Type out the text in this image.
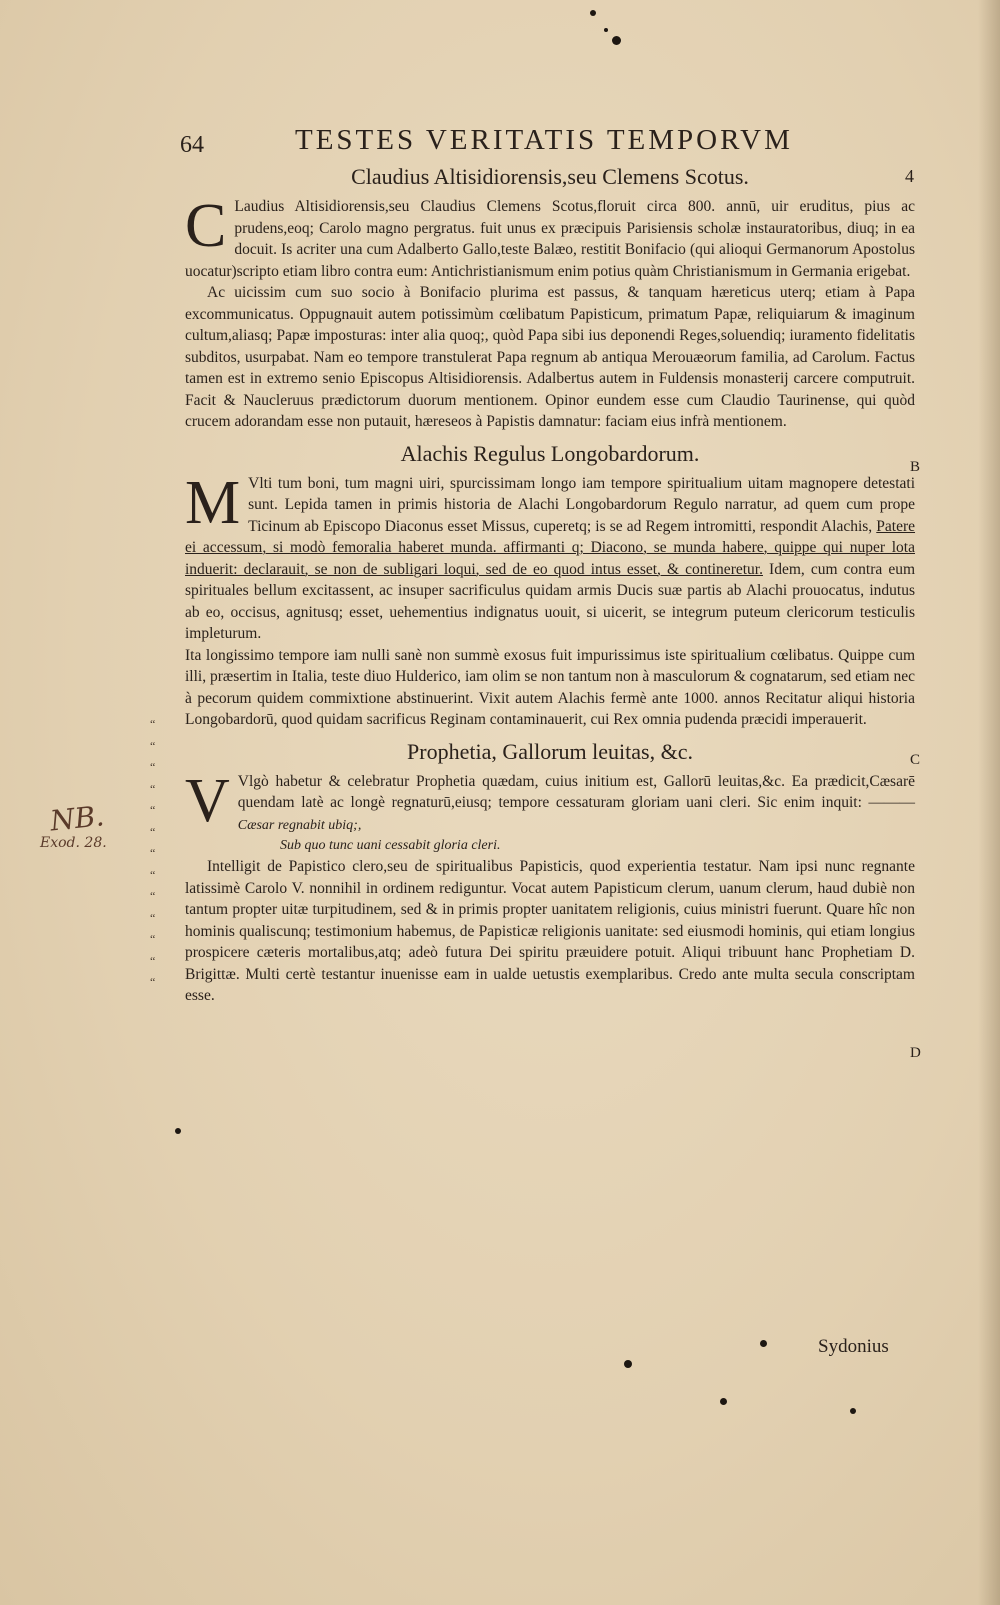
64	TESTES VERITATIS TEMPORVM
4
Claudius Altisidiorensis,seu Clemens Scotus.

C Laudius Altisidiorensis,seu Claudius Clemens Scotus,floruit circa 800. annū, uir eruditus, pius ac prudens,eoq; Carolo magno pergratus. fuit unus ex præcipuis Parisiensis scholæ instauratoribus, diuq; in ea docuit. Is acriter una cum Adalberto Gallo,teste Balæo, restitit Bonifacio (qui alioqui Germanorum Apostolus uocatur)scripto etiam libro contra eum: Antichristianismum enim potius quàm Christianismum in Germania erigebat.

Ac uicissim cum suo socio à Bonifacio plurima est passus, & tanquam hæreticus uterq; etiam à Papa excommunicatus. Oppugnauit autem potissimùm cœlibatum Papisticum, primatum Papæ, reliquiarum & imaginum cultum,aliasq; Papæ imposturas: inter alia quoq;, quòd Papa sibi ius deponendi Reges,soluendiq; iuramento fidelitatis subditos, usurpabat. Nam eo tempore transtulerat Papa regnum ab antiqua Merouæorum familia, ad Carolum. Factus tamen est in extremo senio Episcopus Altisidiorensis. Adalbertus autem in Fuldensis monasterij carcere computruit. Facit & Naucleruus prædictorum duorum mentionem. Opinor eundem esse cum Claudio Taurinense, qui quòd crucem adorandam esse non putauit, hæreseos à Papistis damnatur: faciam eius infrà mentionem.

Alachis Regulus Longobardorum.

M Vlti tum boni, tum magni uiri, spurcissimam longo iam tempore spiritualium uitam magnopere detestati sunt. Lepida tamen in primis historia de Alachi Longobardorum Regulo narratur, ad quem cum prope Ticinum ab Episcopo Diaconus esset Missus, cuperetq; is se ad Regem intromitti, respondit Alachis, Patere ei accessum, si modò femoralia haberet munda. affirmanti q; Diacono, se munda habere, quippe qui nuper lota induerit: declarauit, se non de subligari loqui, sed de eo quod intus esset, & contineretur. Idem, cum contra eum spirituales bellum excitassent, ac insuper sacrificulus quidam armis Ducis suæ partis ab Alachi prouocatus, indutus ab eo, occisus, agnitusq; esset, uehementius indignatus uouit, si uicerit, se integrum puteum clericorum testiculis impleturum.

Ita longissimo tempore iam nulli sanè non summè exosus fuit impurissimus iste spiritualium cœlibatus. Quippe cum illi, præsertim in Italia, teste diuo Hulderico, iam olim se non tantum non à masculorum & cognatarum, sed etiam nec à pecorum quidem commixtione abstinuerint. Vixit autem Alachis fermè ante 1000. annos Recitatur aliqui historia Longobardorū, quod quidam sacrificus Reginam contaminauerit, cui Rex omnia pudenda præcidi imperauerit.

Prophetia, Gallorum leuitas, &c.

V Vlgò habetur & celebratur Prophetia quædam, cuius initium est, Gallorū leuitas,&c. Ea prædicit,Cæsarē quendam latè ac longè regnaturū,eiusq; tempore cessaturam gloriam uani cleri. Sic enim inquit: ——— Cæsar regnabit ubiq;,

Sub quo tunc uani cessabit gloria cleri.

Intelligit de Papistico clero,seu de spiritualibus Papisticis, quod experientia testatur. Nam ipsi nunc regnante latissimè Carolo V. nonnihil in ordinem rediguntur. Vocat autem Papisticum clerum, uanum clerum, haud dubiè non tantum propter uitæ turpitudinem, sed & in primis propter uanitatem religionis, cuius ministri fuerunt. Quare hîc non hominis qualiscunq; testimonium habemus, de Papisticæ religionis uanitate: sed eiusmodi hominis, qui etiam longius prospicere cæteris mortalibus,atq; adeò futura Dei spiritu præuidere potuit. Aliqui tribuunt hanc Prophetiam D. Brigittæ. Multi certè testantur inuenisse eam in ualde uetustis exemplaribus. Credo ante multa secula conscriptam esse.

B
C
D
“
“
“
“
“
“
“
“
“
“
“
“
“
NB.
Exod. 28.
Sydonius
